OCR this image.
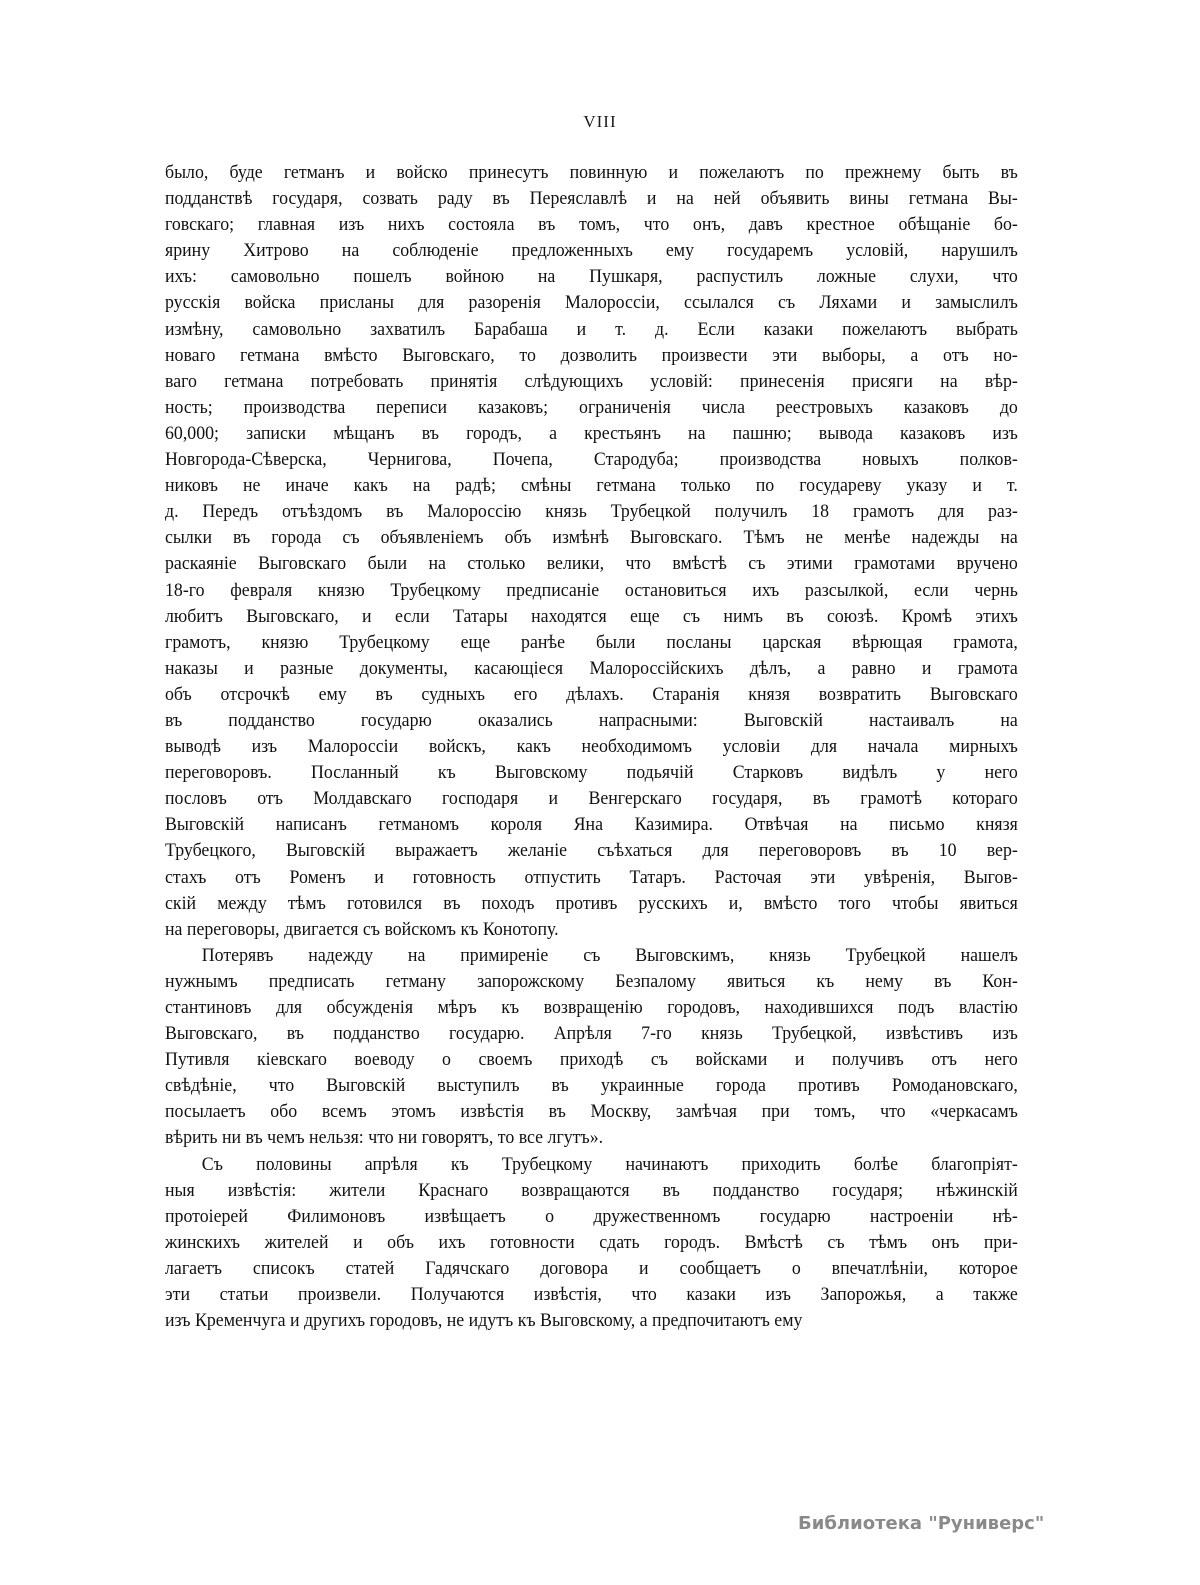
VIII
было, буде гетманъ и войско принесутъ повинную и пожелаютъ по прежнему быть въ
подданствѣ государя, созвать раду въ Переяславлѣ и на ней объявить вины гетмана Вы-
говскаго; главная изъ нихъ состояла въ томъ, что онъ, давъ крестное обѣщаніе бо-
ярину Хитрово на соблюденіе предложенныхъ ему государемъ условій, нарушилъ
ихъ: самовольно пошелъ войною на Пушкаря, распустилъ ложные слухи, что
русскія войска присланы для разоренія Малороссіи, ссылался съ Ляхами и замыслилъ
измѣну, самовольно захватилъ Барабаша и т. д. Если казаки пожелаютъ выбрать
новаго гетмана вмѣсто Выговскаго, то дозволить произвести эти выборы, а отъ но-
ваго гетмана потребовать принятія слѣдующихъ условій: принесенія присяги на вѣр-
ность; производства переписи казаковъ; ограниченія числа реестровыхъ казаковъ до
60,000; записки мѣщанъ въ городъ, а крестьянъ на пашню; вывода казаковъ изъ
Новгорода-Сѣверска, Чернигова, Почепа, Стародуба; производства новыхъ полков-
никовъ не иначе какъ на радѣ; смѣны гетмана только по государеву указу и т.
д. Передъ отъѣздомъ въ Малороссію князь Трубецкой получилъ 18 грамотъ для раз-
сылки въ города съ объявленіемъ объ измѣнѣ Выговскаго. Тѣмъ не менѣе надежды на
раскаяніе Выговскаго были на столько велики, что вмѣстѣ съ этими грамотами вручено
18-го февраля князю Трубецкому предписаніе остановиться ихъ разсылкой, если чернь
любитъ Выговскаго, и если Татары находятся еще съ нимъ въ союзѣ. Кромѣ этихъ
грамотъ, князю Трубецкому еще ранѣе были посланы царская вѣрющая грамота,
наказы и разные документы, касающіеся Малороссійскихъ дѣлъ, а равно и грамота
объ отсрочкѣ ему въ судныхъ его дѣлахъ. Старанія князя возвратить Выговскаго
въ подданство государю оказались напрасными: Выговскій настаивалъ на
выводѣ изъ Малороссіи войскъ, какъ необходимомъ условіи для начала мирныхъ
переговоровъ. Посланный къ Выговскому подьячій Старковъ видѣлъ у него
пословъ отъ Молдавскаго господаря и Венгерскаго государя, въ грамотѣ котораго
Выговскій написанъ гетманомъ короля Яна Казимира. Отвѣчая на письмо князя
Трубецкого, Выговскій выражаетъ желаніе съѣхаться для переговоровъ въ 10 вер-
стахъ отъ Роменъ и готовность отпустить Татаръ. Расточая эти увѣренія, Выгов-
скій между тѣмъ готовился въ походъ противъ русскихъ и, вмѣсто того чтобы явиться
на переговоры, двигается съ войскомъ къ Конотопу.
Потерявъ надежду на примиреніе съ Выговскимъ, князь Трубецкой нашелъ
нужнымъ предписать гетману запорожскому Безпалому явиться къ нему въ Кон-
стантиновъ для обсужденія мѣръ къ возвращенію городовъ, находившихся подъ властію
Выговскаго, въ подданство государю. Апрѣля 7-го князь Трубецкой, извѣстивъ изъ
Путивля кіевскаго воеводу о своемъ приходѣ съ войсками и получивъ отъ него
свѣдѣніе, что Выговскій выступилъ въ украинные города противъ Ромодановскаго,
посылаетъ обо всемъ этомъ извѣстія въ Москву, замѣчая при томъ, что «черкасамъ
вѣрить ни въ чемъ нельзя: что ни говорятъ, то все лгутъ».
Съ половины апрѣля къ Трубецкому начинаютъ приходить болѣе благопріят-
ныя извѣстія: жители Краснаго возвращаются въ подданство государя; нѣжинскій
протоіерей Филимоновъ извѣщаетъ о дружественномъ государю настроеніи нѣ-
жинскихъ жителей и объ ихъ готовности сдать городъ. Вмѣстѣ съ тѣмъ онъ при-
лагаетъ списокъ статей Гадячскаго договора и сообщаетъ о впечатлѣніи, которое
эти статьи произвели. Получаются извѣстія, что казаки изъ Запорожья, а также
изъ Кременчуга и другихъ городовъ, не идутъ къ Выговскому, а предпочитаютъ ему
Библиотека "Руниверс"
